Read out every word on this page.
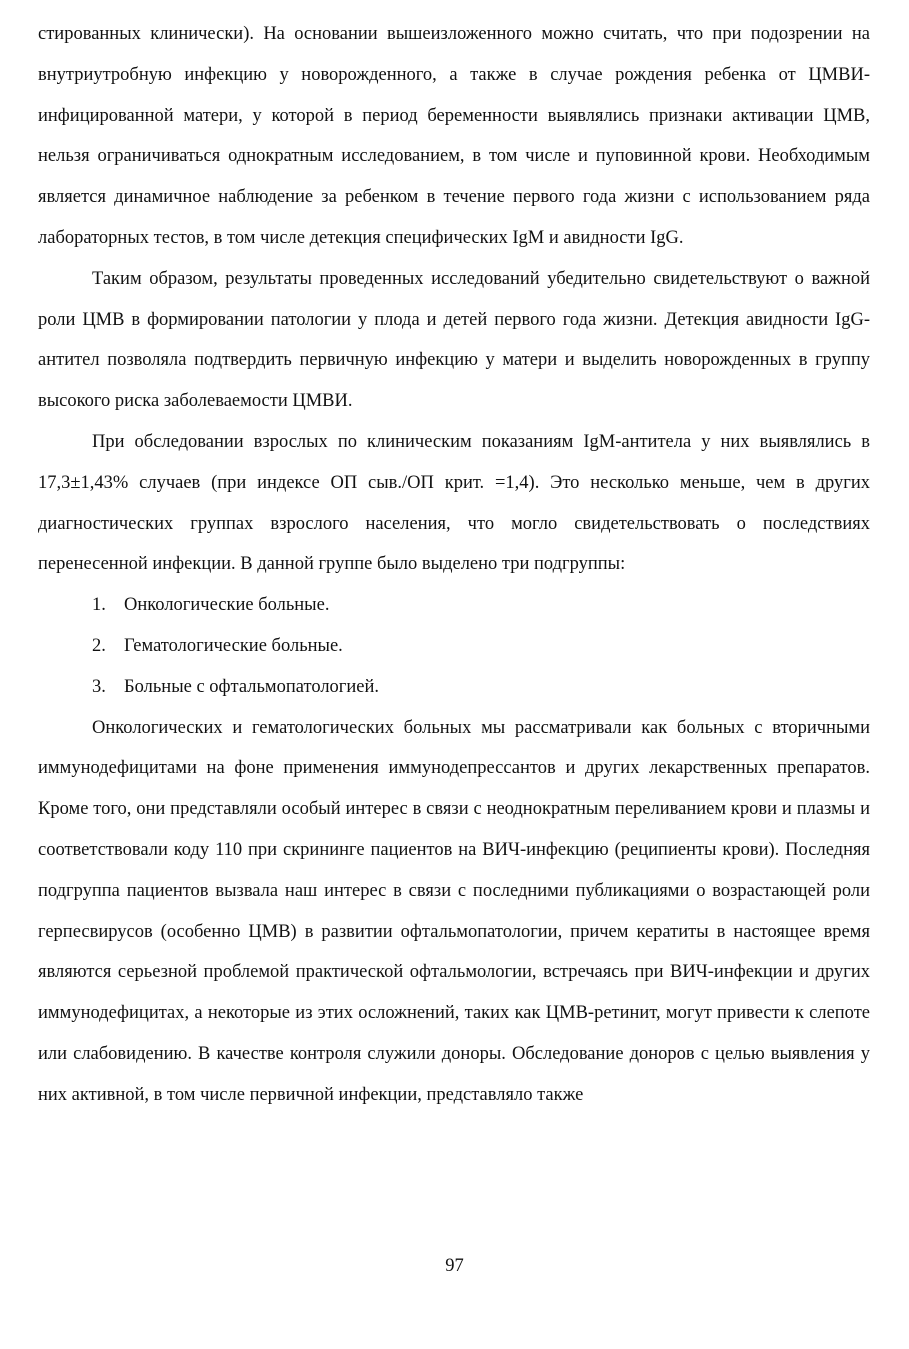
стированных клинически). На основании вышеизложенного можно считать, что при подозрении на внутриутробную инфекцию у новорожденного, а также в случае рождения ребенка от ЦМВИ-инфицированной матери, у которой в период беременности выявлялись признаки активации ЦМВ, нельзя ограничиваться однократным исследованием, в том числе и пуповинной крови. Необходимым является динамичное наблюдение за ребенком в течение первого года жизни с использованием ряда лабораторных тестов, в том числе детекция специфических IgM и авидности IgG.

Таким образом, результаты проведенных исследований убедительно свидетельствуют о важной роли ЦМВ в формировании патологии у плода и детей первого года жизни. Детекция авидности IgG-антител позволяла подтвердить первичную инфекцию у матери и выделить новорожденных в группу высокого риска заболеваемости ЦМВИ.

При обследовании взрослых по клиническим показаниям IgM-антитела у них выявлялись в 17,3±1,43% случаев (при индексе ОП сыв./ОП крит. =1,4). Это несколько меньше, чем в других диагностических группах взрослого населения, что могло свидетельствовать о последствиях перенесенной инфекции. В данной группе было выделено три подгруппы:

1. Онкологические больные.
2. Гематологические больные.
3. Больные с офтальмопатологией.

Онкологических и гематологических больных мы рассматривали как больных с вторичными иммунодефицитами на фоне применения иммунодепрессантов и других лекарственных препаратов. Кроме того, они представляли особый интерес в связи с неоднократным переливанием крови и плазмы и соответствовали коду 110 при скрининге пациентов на ВИЧ-инфекцию (реципиенты крови). Последняя подгруппа пациентов вызвала наш интерес в связи с последними публикациями о возрастающей роли герпесвирусов (особенно ЦМВ) в развитии офтальмопатологии, причем кератиты в настоящее время являются серьезной проблемой практической офтальмологии, встречаясь при ВИЧ-инфекции и других иммунодефицитах, а некоторые из этих осложнений, таких как ЦМВ-ретинит, могут привести к слепоте или слабовидению. В качестве контроля служили доноры. Обследование доноров с целью выявления у них активной, в том числе первичной инфекции, представляло также

97
